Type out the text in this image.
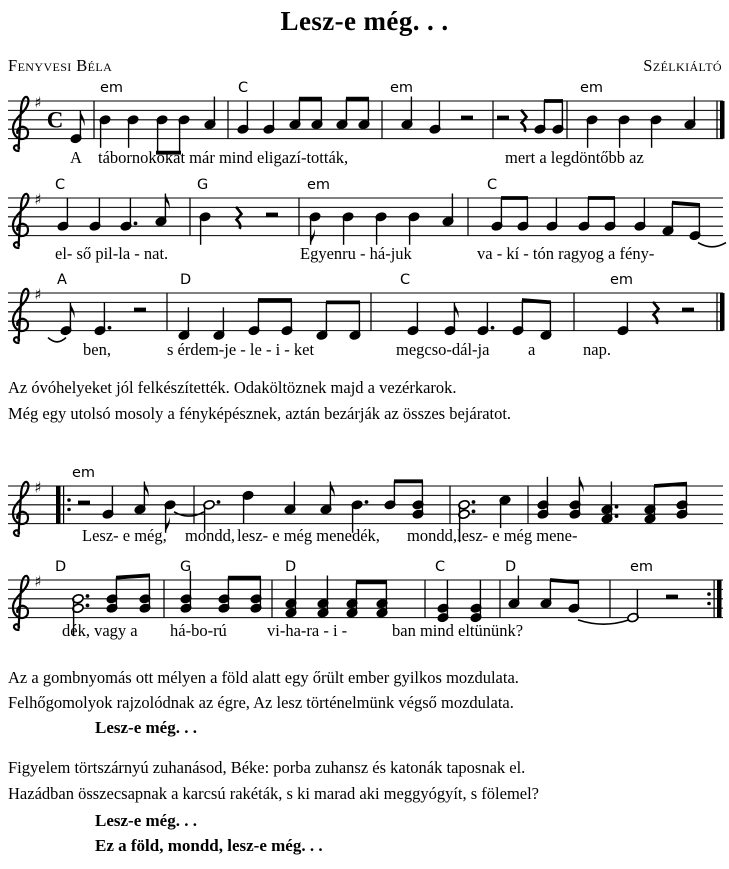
Lesz-e még. . .
Fenyvesi Béla	Szélkiáltó
♯
C
♯
♯
♯
♯
em	C	em	em
A tábornokokat már mind eligazí-tották,	mert a legdöntőbb az
C	G	em	C
el- ső pil-la - nat.	Egyenru - há-juk	va - kí - tón ragyog a fény-
A	D	C	em
ben,	s érdem-je - le - i - ket	megcso-dál-ja a	nap.
em
Lesz- e még, mondd, lesz- e még menedék, mondd, lesz- e még mene-
D	G	D	C	D	em
dék, vagy a há-bo-rú vi-ha-ra - i -	ban mind eltününk?
Az óvóhelyeket jól felkészítették. Odaköltöznek majd a vezérkarok.
Még egy utolsó mosoly a fényképésznek, aztán bezárják az összes bejáratot.
Az a gombnyomás ott mélyen a föld alatt egy őrült ember gyilkos mozdulata.
Felhőgomolyok rajzolódnak az égre, Az lesz történelmünk végső mozdulata.
Lesz-e még. . .
Figyelem törtszárnyú zuhanásod, Béke: porba zuhansz és katonák taposnak el.
Hazádban összecsapnak a karcsú rakéták, s ki marad aki meggyógyít, s fölemel?
Lesz-e még. . .
Ez a föld, mondd, lesz-e még. . .
